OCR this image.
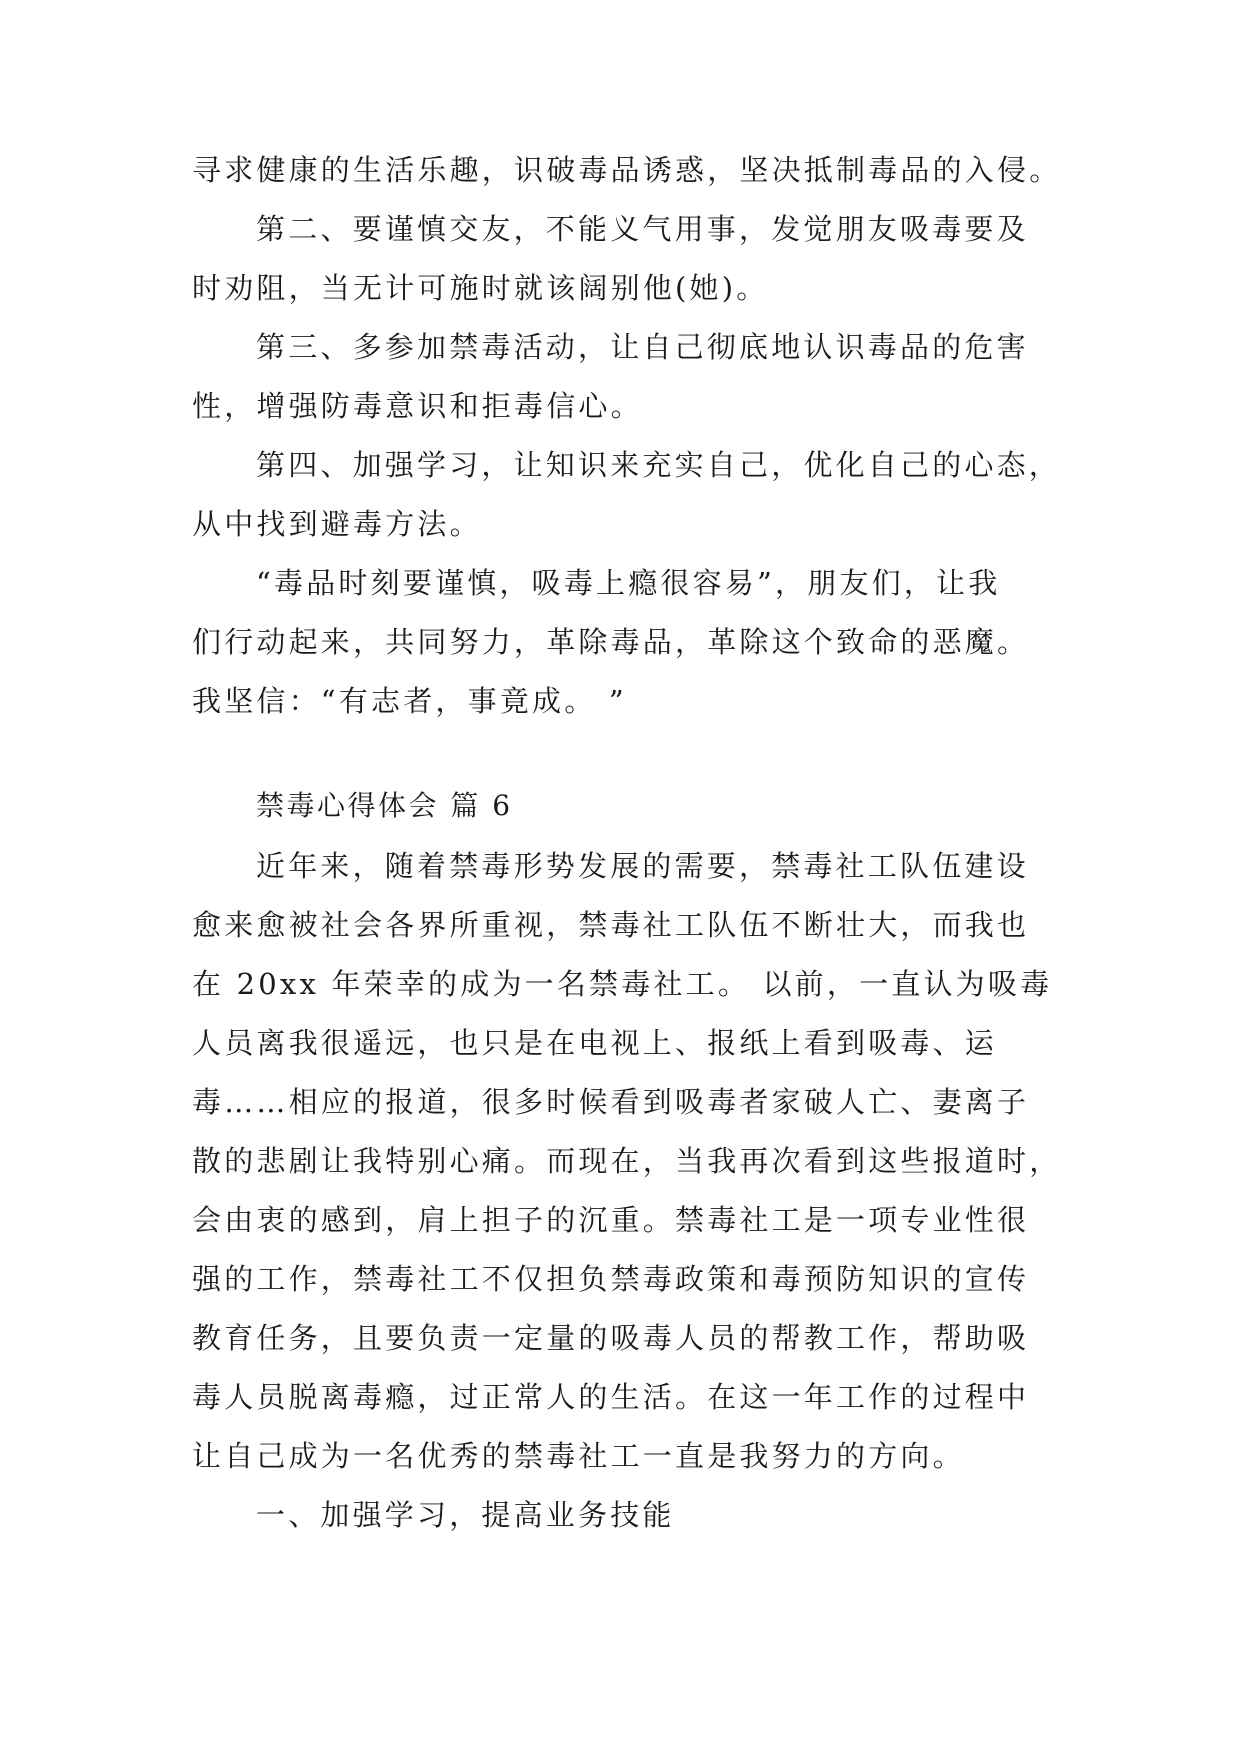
寻求健康的生活乐趣，识破毒品诱惑，坚决抵制毒品的入侵。

第二、要谨慎交友，不能义气用事，发觉朋友吸毒要及

时劝阻，当无计可施时就该阔别他(她)。

第三、多参加禁毒活动，让自己彻底地认识毒品的危害

性，增强防毒意识和拒毒信心。

第四、加强学习，让知识来充实自己，优化自己的心态，

从中找到避毒方法。

“毒品时刻要谨慎，吸毒上瘾很容易”，朋友们，让我

们行动起来，共同努力，革除毒品，革除这个致命的恶魔。

我坚信：“有志者，事竟成。 ”

禁毒心得体会 篇 6

近年来，随着禁毒形势发展的需要，禁毒社工队伍建设

愈来愈被社会各界所重视，禁毒社工队伍不断壮大，而我也

在 20xx 年荣幸的成为一名禁毒社工。 以前，一直认为吸毒

人员离我很遥远，也只是在电视上、报纸上看到吸毒、运

毒……相应的报道，很多时候看到吸毒者家破人亡、妻离子

散的悲剧让我特别心痛。而现在，当我再次看到这些报道时，

会由衷的感到，肩上担子的沉重。禁毒社工是一项专业性很

强的工作，禁毒社工不仅担负禁毒政策和毒预防知识的宣传

教育任务，且要负责一定量的吸毒人员的帮教工作，帮助吸

毒人员脱离毒瘾，过正常人的生活。在这一年工作的过程中

让自己成为一名优秀的禁毒社工一直是我努力的方向。

一、加强学习，提高业务技能
